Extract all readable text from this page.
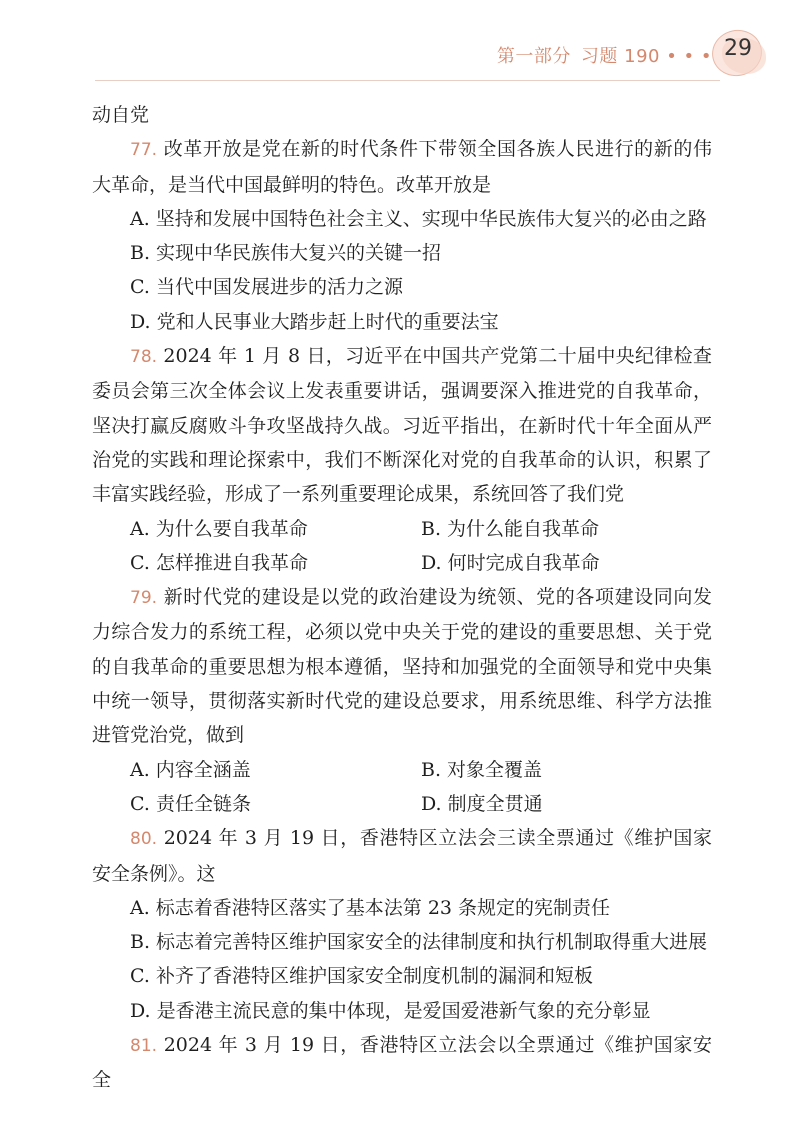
第一部分 习题 190 • • • 29

动自党

77. 改革开放是党在新的时代条件下带领全国各族人民进行的新的伟大革命，是当代中国最鲜明的特色。改革开放是

A. 坚持和发展中国特色社会主义、实现中华民族伟大复兴的必由之路

B. 实现中华民族伟大复兴的关键一招

C. 当代中国发展进步的活力之源

D. 党和人民事业大踏步赶上时代的重要法宝

78. 2024 年 1 月 8 日，习近平在中国共产党第二十届中央纪律检查委员会第三次全体会议上发表重要讲话，强调要深入推进党的自我革命，坚决打赢反腐败斗争攻坚战持久战。习近平指出，在新时代十年全面从严治党的实践和理论探索中，我们不断深化对党的自我革命的认识，积累了丰富实践经验，形成了一系列重要理论成果，系统回答了我们党

A. 为什么要自我革命	B. 为什么能自我革命
C. 怎样推进自我革命	D. 何时完成自我革命

79. 新时代党的建设是以党的政治建设为统领、党的各项建设同向发力综合发力的系统工程，必须以党中央关于党的建设的重要思想、关于党的自我革命的重要思想为根本遵循，坚持和加强党的全面领导和党中央集中统一领导，贯彻落实新时代党的建设总要求，用系统思维、科学方法推进管党治党，做到

A. 内容全涵盖	B. 对象全覆盖
C. 责任全链条	D. 制度全贯通

80. 2024 年 3 月 19 日，香港特区立法会三读全票通过《维护国家安全条例》。这

A. 标志着香港特区落实了基本法第 23 条规定的宪制责任

B. 标志着完善特区维护国家安全的法律制度和执行机制取得重大进展

C. 补齐了香港特区维护国家安全制度机制的漏洞和短板

D. 是香港主流民意的集中体现，是爱国爱港新气象的充分彰显

81. 2024 年 3 月 19 日，香港特区立法会以全票通过《维护国家安全
